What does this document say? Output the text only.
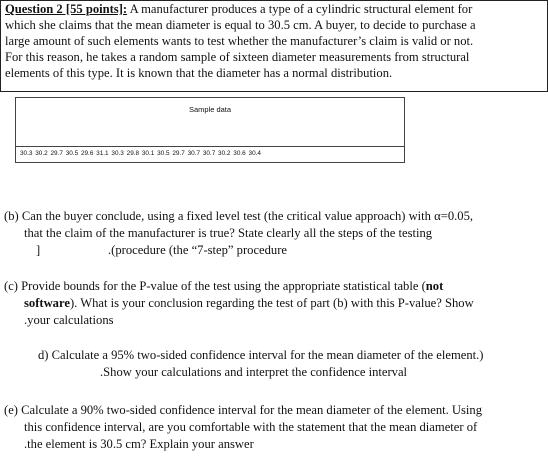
Question 2 [55 points]: A manufacturer produces a type of a cylindric structural element for
which she claims that the mean diameter is equal to 30.5 cm. A buyer, to decide to purchase a
large amount of such elements wants to test whether the manufacturer’s claim is valid or not.
For this reason, he takes a random sample of sixteen diameter measurements from structural
elements of this type. It is known that the diameter has a normal distribution.
Sample data
30.3 30.2 29.7 30.5 29.6 31.1 30.3 29.8 30.1 30.5 29.7 30.7 30.7 30.2 30.6 30.4
(b) Can the buyer conclude, using a fixed level test (the critical value approach) with α=0.05,
that the claim of the manufacturer is true? State clearly all the steps of the testing
]	.(procedure (the “7-step” procedure
(c) Provide bounds for the P-value of the test using the appropriate statistical table (not
software). What is your conclusion regarding the test of part (b) with this P-value? Show
.your calculations
d) Calculate a 95% two-sided confidence interval for the mean diameter of the element.)
.Show your calculations and interpret the confidence interval
(e) Calculate a 90% two-sided confidence interval for the mean diameter of the element. Using
this confidence interval, are you comfortable with the statement that the mean diameter of
.the element is 30.5 cm? Explain your answer
